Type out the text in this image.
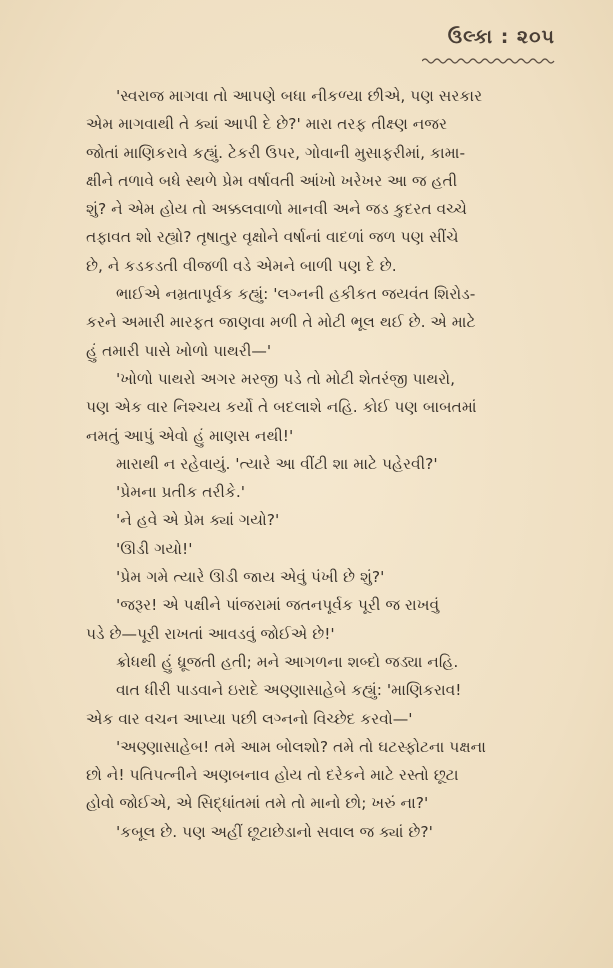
ઉલ્કા : ૨૦૫
'સ્વરાજ માગવા તો આપણે બધા નીકળ્યા છીએ, પણ સરકાર
એમ માગવાથી તે ક્યાં આપી દે છે?' મારા તરફ તીક્ષ્ણ નજર
જોતાં માણિકરાવે કહ્યું. ટેકરી ઉપર, ગોવાની મુસાફરીમાં, કામા-
ક્ષીને તળાવે બધે સ્થળે પ્રેમ વર્ષાવતી આંખો ખરેખર આ જ હતી
શું? ને એમ હોય તો અક્કલવાળો માનવી અને જડ કુદરત વચ્ચે
તફાવત શો રહ્યો? તૃષાતુર વૃક્ષોને વર્ષાનાં વાદળાં જળ પણ સીંચે
છે, ને કડકડતી વીજળી વડે એમને બાળી પણ દે છે.
ભાઈએ નમ્રતાપૂર્વક કહ્યું: 'લગ્નની હકીકત જયવંત શિરોડ-
કરને અમારી મારફત જાણવા મળી તે મોટી ભૂલ થઈ છે. એ માટે
હું તમારી પાસે ખોળો પાથરી—'
'ખોળો પાથરો અગર મરજી પડે તો મોટી શેતરંજી પાથરો,
પણ એક વાર નિશ્ચય કર્યો તે બદલાશે નહિ. કોઈ પણ બાબતમાં
નમતું આપું એવો હું માણસ નથી!'
મારાથી ન રહેવાયું. 'ત્યારે આ વીંટી શા માટે પહેરવી?'
'પ્રેમના પ્રતીક તરીકે.'
'ને હવે એ પ્રેમ ક્યાં ગયો?'
'ઊડી ગયો!'
'પ્રેમ ગમે ત્યારે ઊડી જાય એવું પંખી છે શું?'
'જરૂર! એ પક્ષીને પાંજરામાં જતનપૂર્વક પૂરી જ રાખવું
પડે છે—પૂરી રાખતાં આવડવું જોઈએ છે!'
ક્રોધથી હું ધ્રૂજતી હતી; મને આગળના શબ્દો જડ્યા નહિ.
વાત ધીરી પાડવાને ઇરાદે અણ્ણાસાહેબે કહ્યું: 'માણિકરાવ!
એક વાર વચન આપ્યા પછી લગ્નનો વિચ્છેદ કરવો—'
'અણ્ણાસાહેબ! તમે આમ બોલશો? તમે તો ઘટસ્ફોટના પક્ષના
છો ને! પતિપત્નીને અણબનાવ હોય તો દરેકને માટે રસ્તો છૂટા
હોવો જોઈએ, એ સિદ્ધાંતમાં તમે તો માનો છો; ખરું ના?'
'કબૂલ છે. પણ અહીં છૂટાછેડાનો સવાલ જ ક્યાં છે?'
